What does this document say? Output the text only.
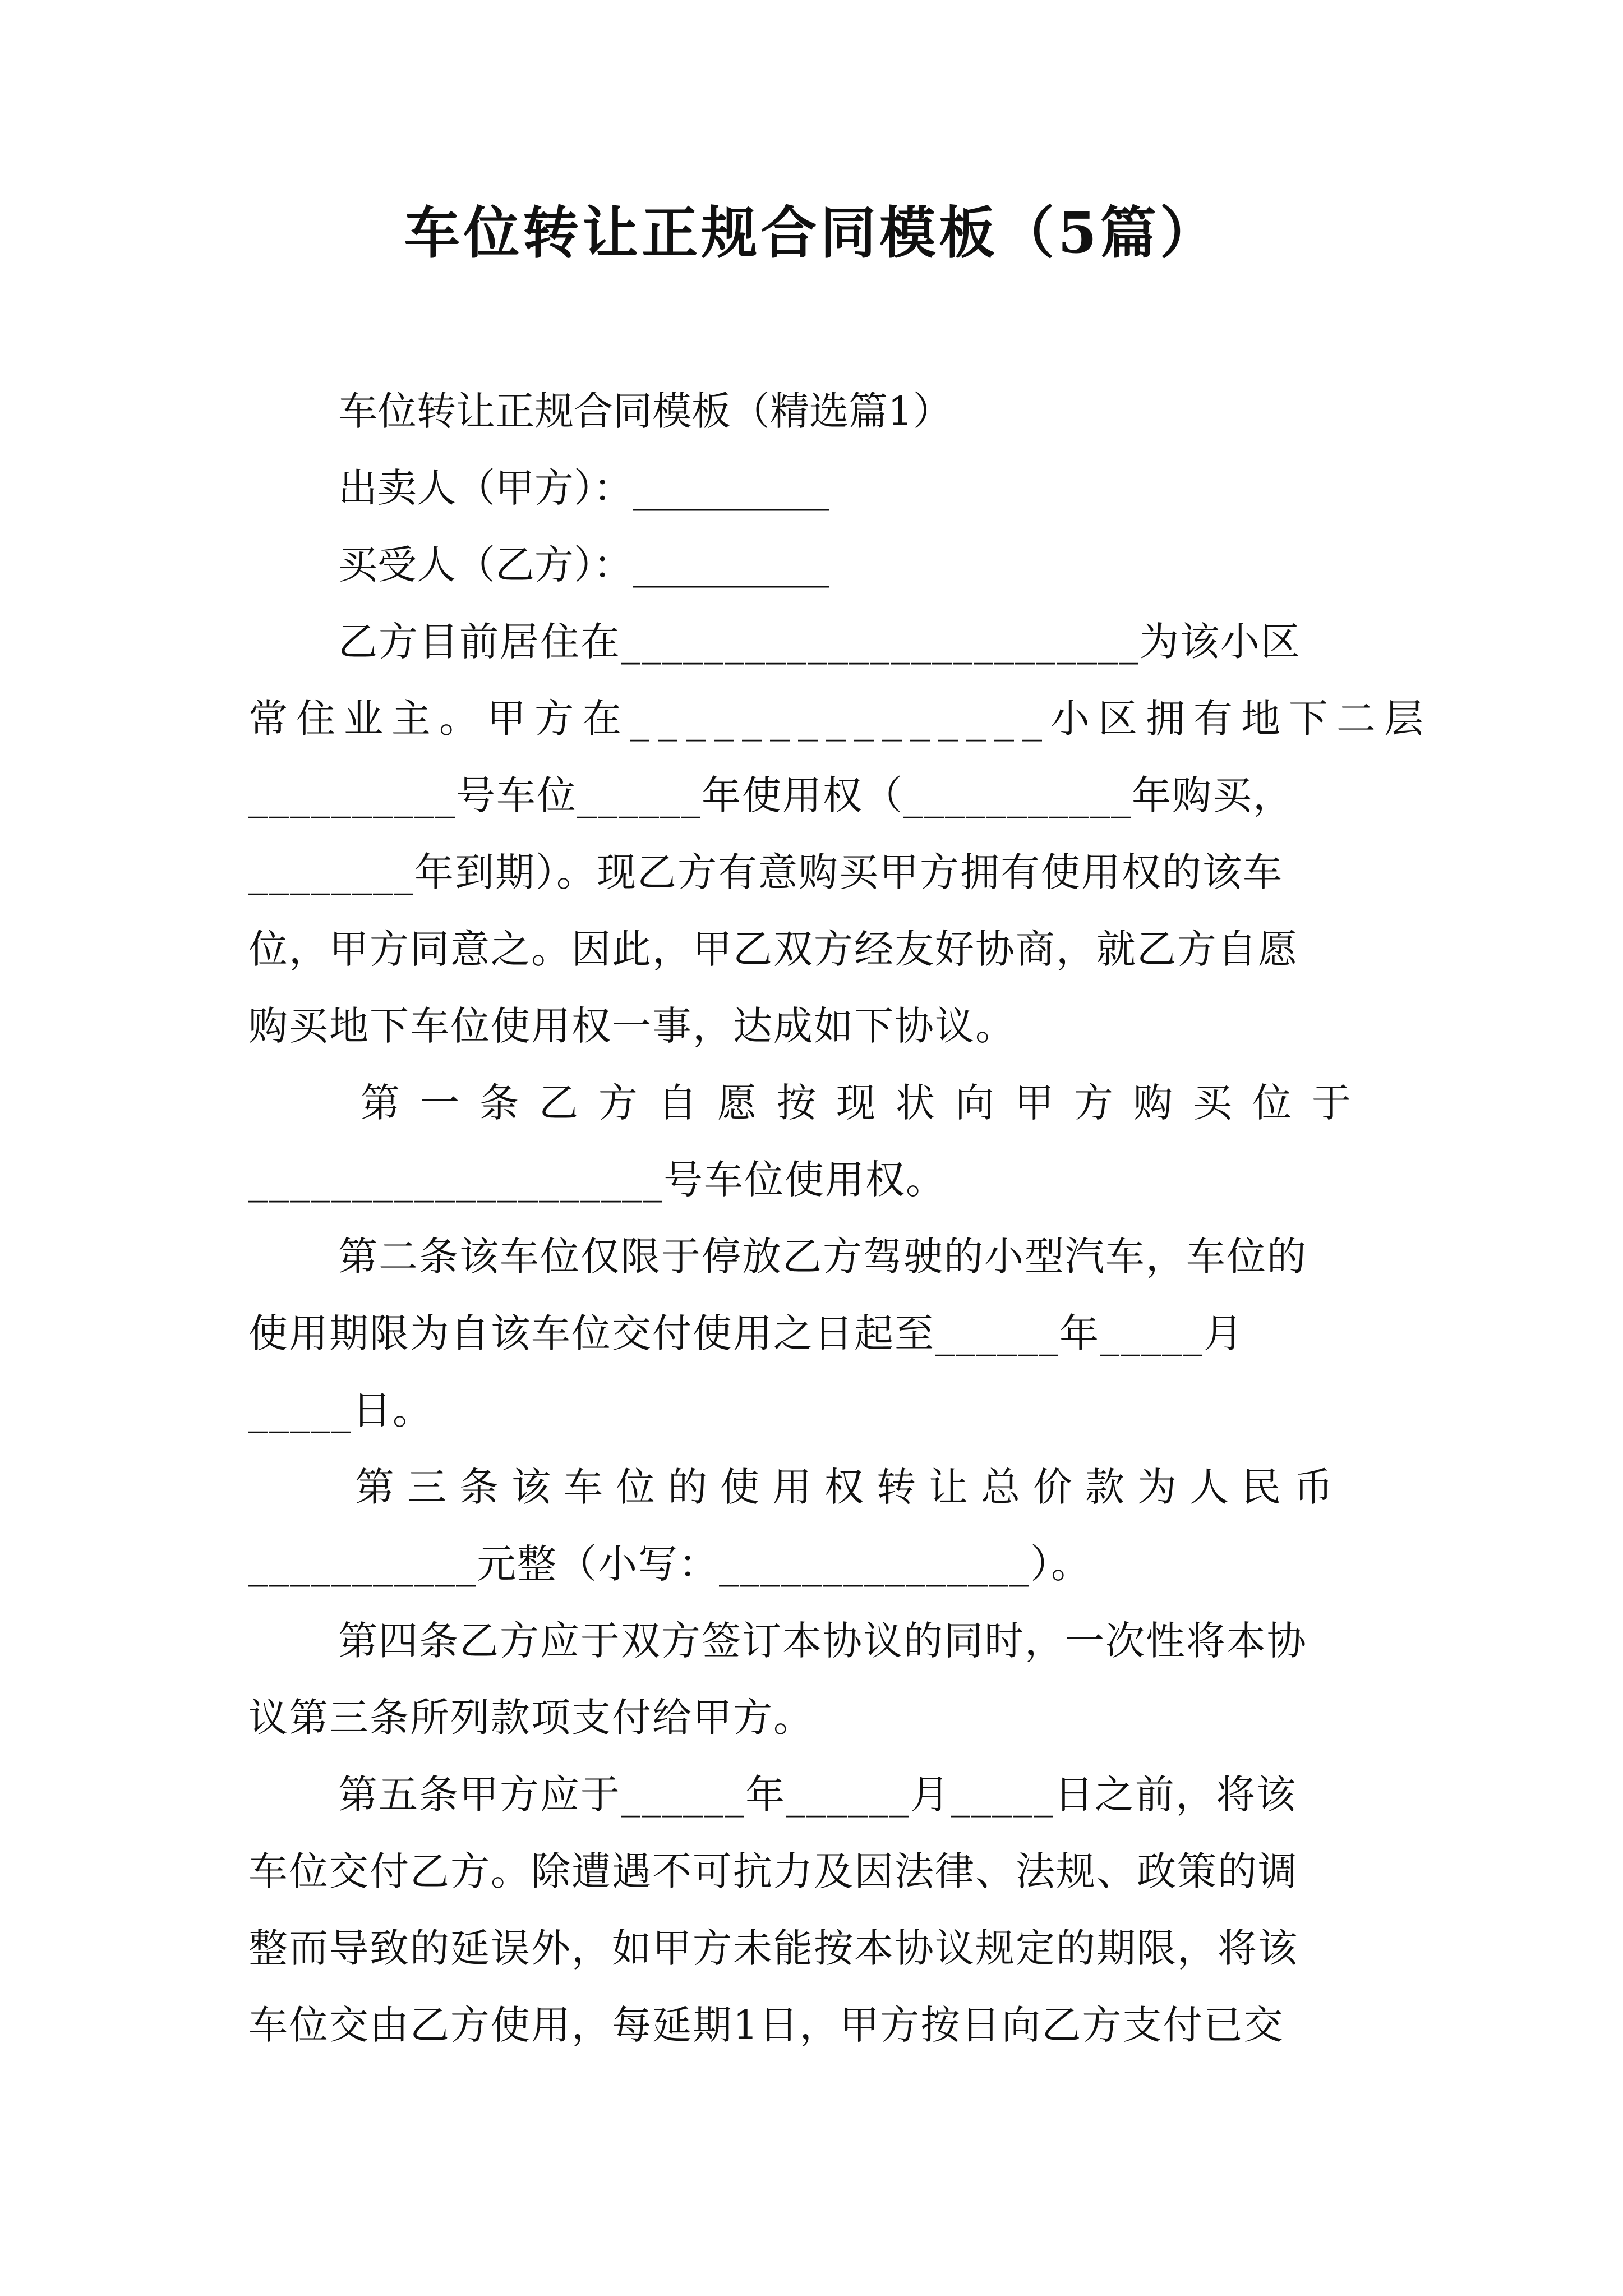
车位转让正规合同模板（5篇）

车位转让正规合同模板（精选篇1）

出卖人（甲方）：__________

买受人（乙方）：__________

乙方目前居住在_________________________为该小区

常住业主。甲方在_______________小区拥有地下二层

__________号车位______年使用权（___________年购买，

________年到期）。现乙方有意购买甲方拥有使用权的该车

位，甲方同意之。因此，甲乙双方经友好协商，就乙方自愿

购买地下车位使用权一事，达成如下协议。

第一条乙方自愿按现状向甲方购买位于

____________________号车位使用权。

第二条该车位仅限于停放乙方驾驶的小型汽车，车位的

使用期限为自该车位交付使用之日起至______年_____月

_____日。

第三条该车位的使用权转让总价款为人民币

___________元整（小写：_______________）。

第四条乙方应于双方签订本协议的同时，一次性将本协

议第三条所列款项支付给甲方。

第五条甲方应于______年______月_____日之前，将该

车位交付乙方。除遭遇不可抗力及因法律、法规、政策的调

整而导致的延误外，如甲方未能按本协议规定的期限，将该

车位交由乙方使用，每延期1日，甲方按日向乙方支付已交
